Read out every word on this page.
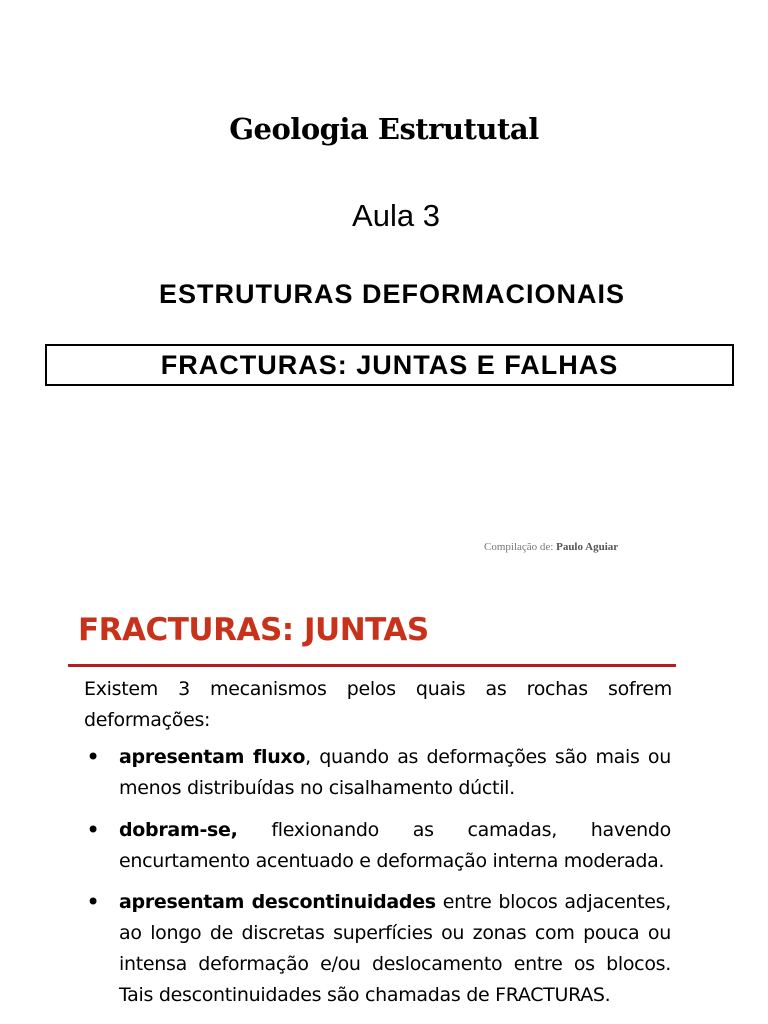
Geologia Estrututal
Aula 3
ESTRUTURAS DEFORMACIONAIS
FRACTURAS: JUNTAS E FALHAS
Compilação de: Paulo Aguiar
FRACTURAS: JUNTAS
Existem 3 mecanismos pelos quais as rochas sofrem deformações:
• apresentam fluxo, quando as deformações são mais ou menos distribuídas no cisalhamento dúctil.
• dobram-se, flexionando as camadas, havendo encurtamento acentuado e deformação interna moderada.
• apresentam descontinuidades entre blocos adjacentes, ao longo de discretas superfícies ou zonas com pouca ou intensa deformação e/ou deslocamento entre os blocos. Tais descontinuidades são chamadas de FRACTURAS.
